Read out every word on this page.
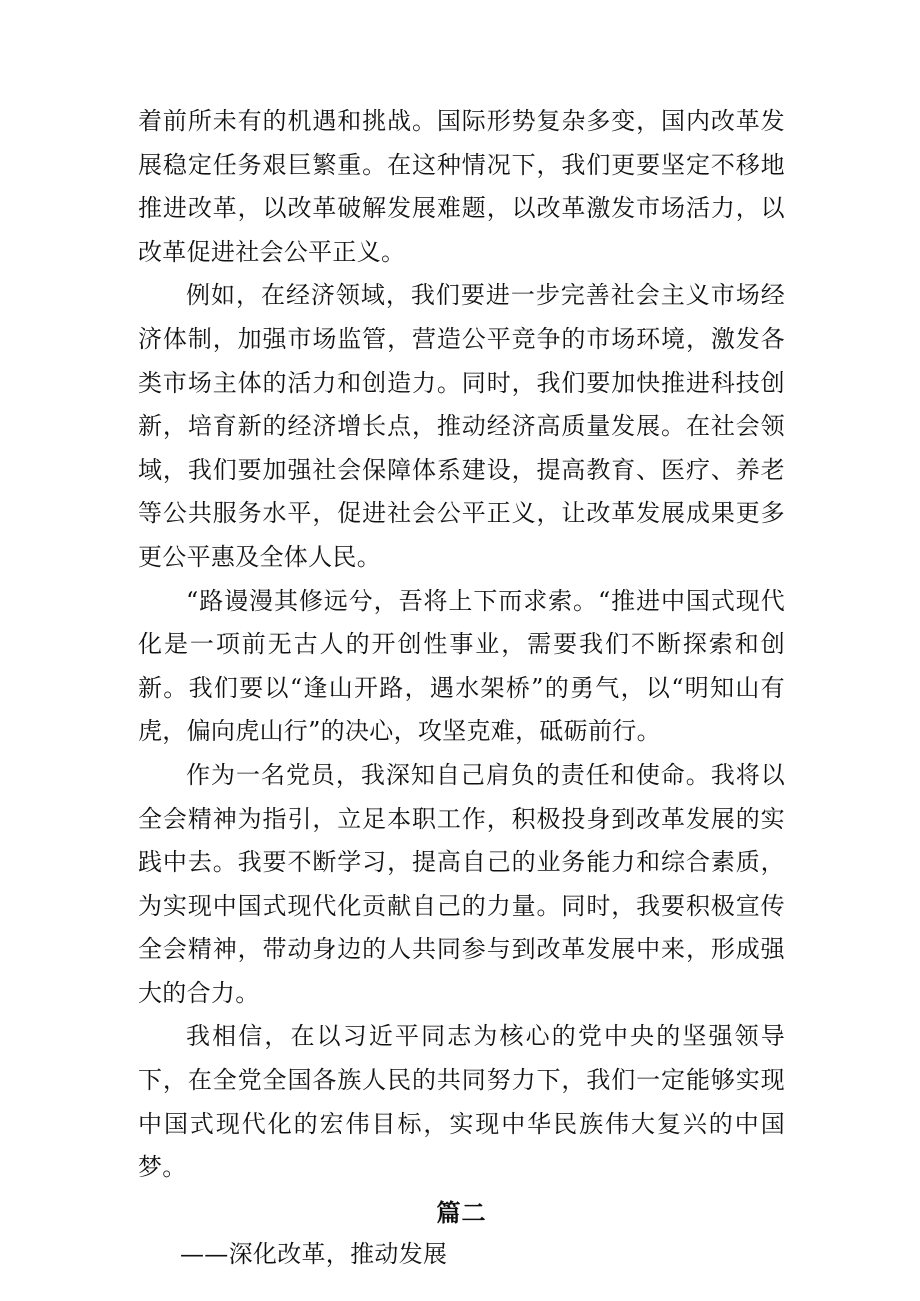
着前所未有的机遇和挑战。国际形势复杂多变，国内改革发展稳定任务艰巨繁重。在这种情况下，我们更要坚定不移地推进改革，以改革破解发展难题，以改革激发市场活力，以改革促进社会公平正义。

例如，在经济领域，我们要进一步完善社会主义市场经济体制，加强市场监管，营造公平竞争的市场环境，激发各类市场主体的活力和创造力。同时，我们要加快推进科技创新，培育新的经济增长点，推动经济高质量发展。在社会领域，我们要加强社会保障体系建设，提高教育、医疗、养老等公共服务水平，促进社会公平正义，让改革发展成果更多更公平惠及全体人民。

“路谩漫其修远兮，吾将上下而求索。“推进中国式现代化是一项前无古人的开创性事业，需要我们不断探索和创新。我们要以“逢山开路，遇水架桥”的勇气，以“明知山有虎，偏向虎山行”的决心，攻坚克难，砥砺前行。

作为一名党员，我深知自己肩负的责任和使命。我将以全会精神为指引，立足本职工作，积极投身到改革发展的实践中去。我要不断学习，提高自己的业务能力和综合素质，为实现中国式现代化贡献自己的力量。同时，我要积极宣传全会精神，带动身边的人共同参与到改革发展中来，形成强大的合力。

我相信，在以习近平同志为核心的党中央的坚强领导下，在全党全国各族人民的共同努力下，我们一定能够实现中国式现代化的宏伟目标，实现中华民族伟大复兴的中国梦。

篇二

——深化改革，推动发展
